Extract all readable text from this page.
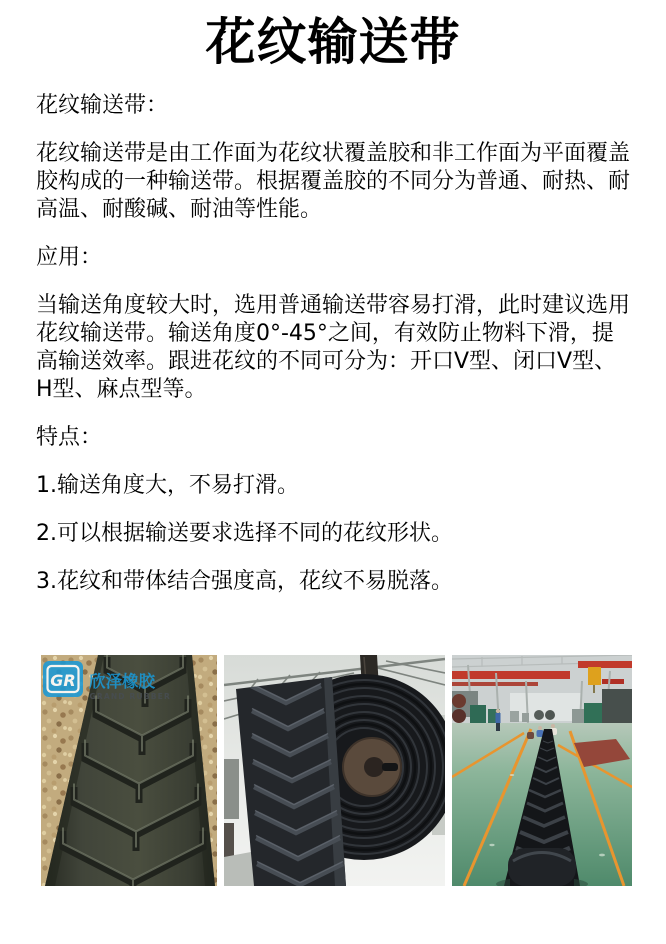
花纹输送带

花纹输送带：

花纹输送带是由工作面为花纹状覆盖胶和非工作面为平面覆盖胶构成的一种输送带。根据覆盖胶的不同分为普通、耐热、耐高温、耐酸碱、耐油等性能。

应用：

当输送角度较大时，选用普通输送带容易打滑，此时建议选用花纹输送带。输送角度0°-45°之间，有效防止物料下滑，提高输送效率。跟进花纹的不同可分为：开口V型、闭口V型、H型、麻点型等。

特点：

1.输送角度大，不易打滑。

2.可以根据输送要求选择不同的花纹形状。

3.花纹和带体结合强度高，花纹不易脱落。

GR 欣泽橡胶
GRAND RUBBER
